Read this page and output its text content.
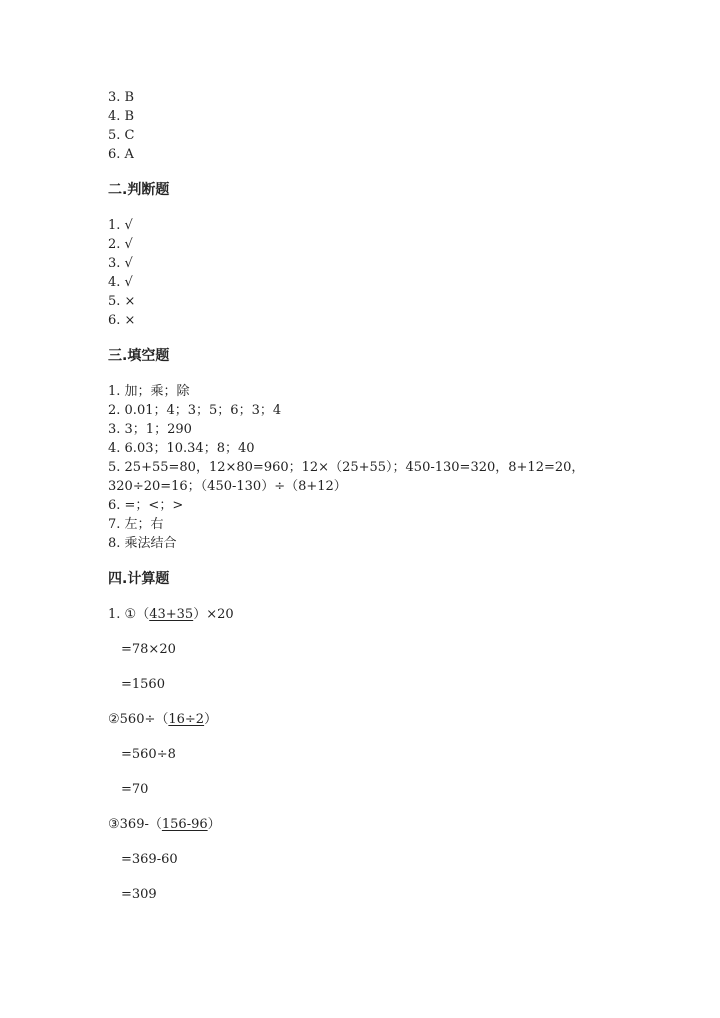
3. B
4. B
5. C
6. A
二.判断题
1. √
2. √
3. √
4. √
5. ×
6. ×
三.填空题
1. 加；乘；除
2. 0.01；4；3；5；6；3；4
3. 3；1；290
4. 6.03；10.34；8；40
5. 25+55=80，12×80=960；12×（25+55）；450-130=320，8+12=20，
320÷20=16；（450-130）÷（8+12）
6. =；<；>
7. 左；右
8. 乘法结合
四.计算题
1. ①（43+35）×20
=78×20
=1560
②560÷（16÷2）
=560÷8
=70
③369-（156-96）
=369-60
=309
